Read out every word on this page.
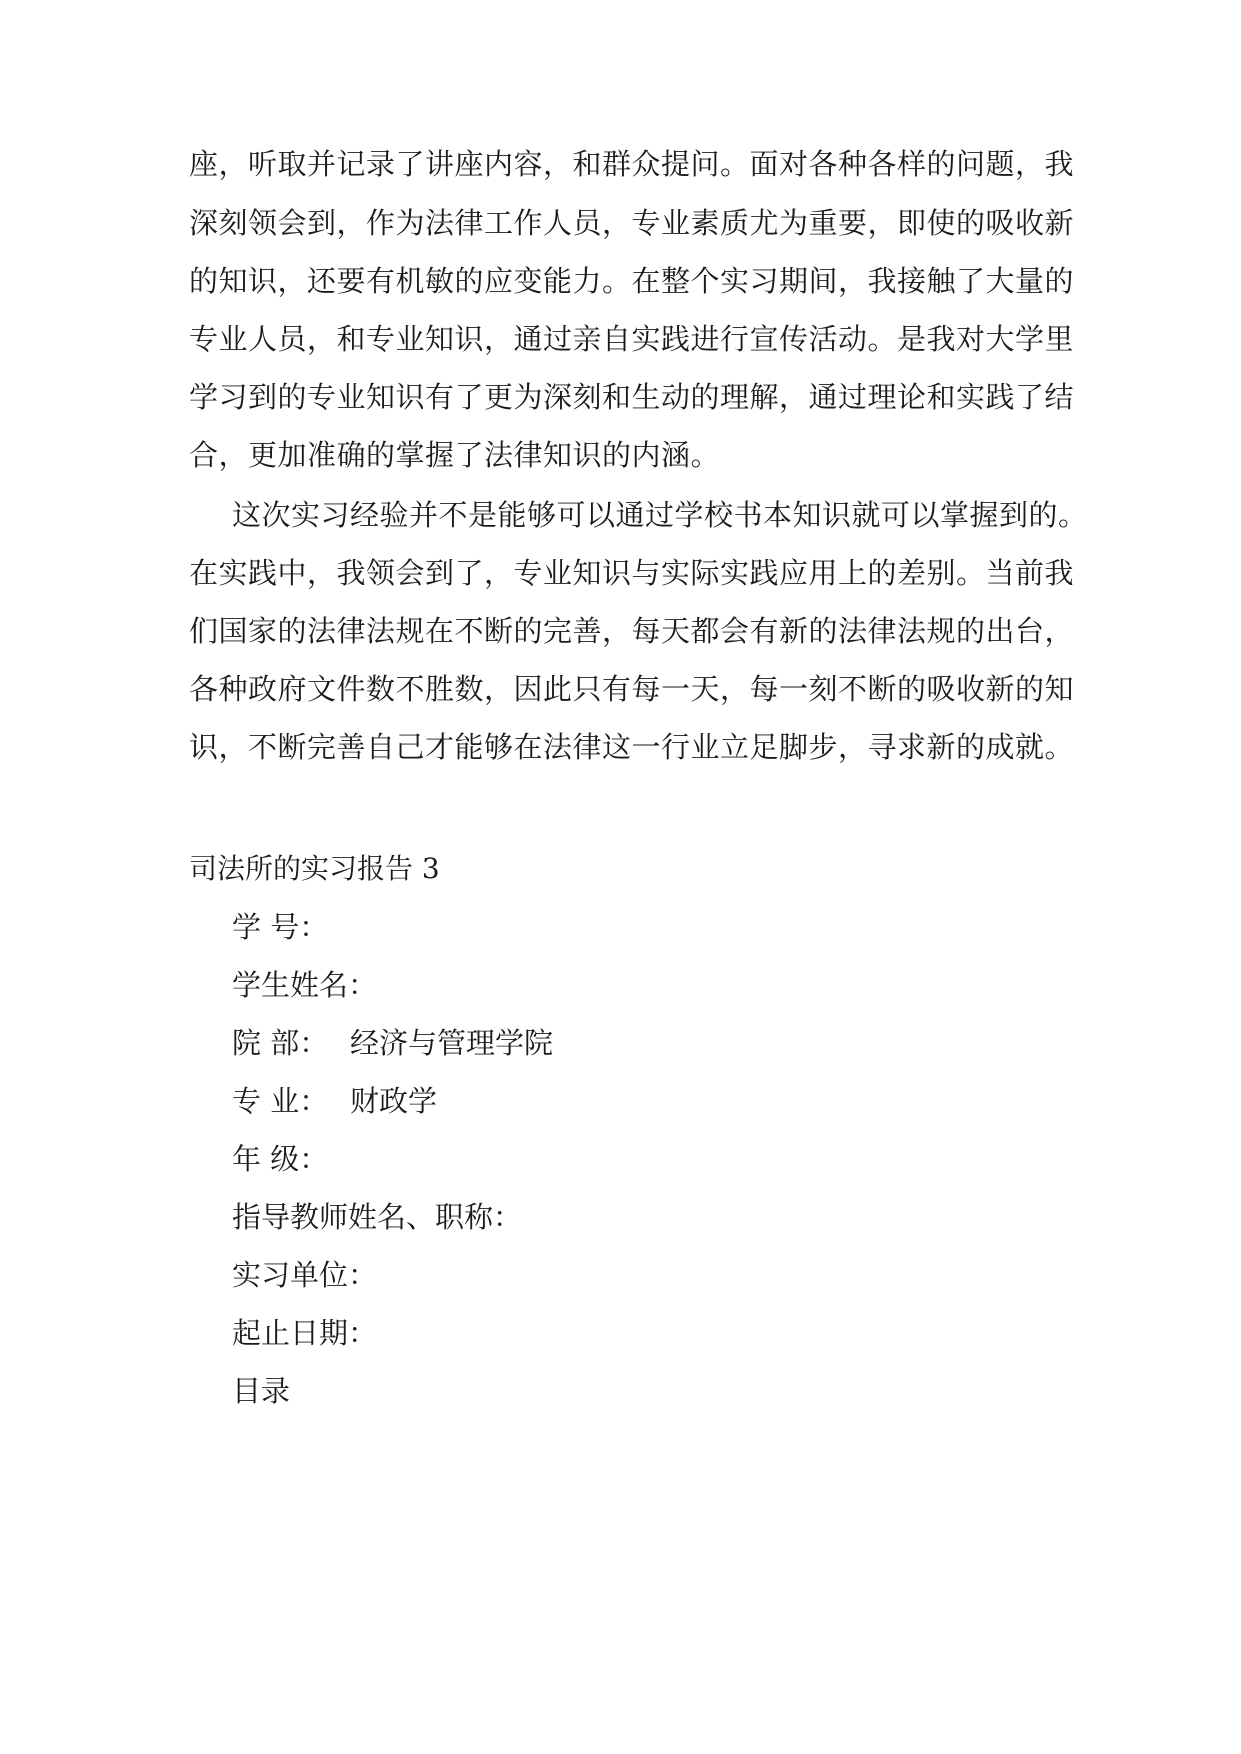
座，听取并记录了讲座内容，和群众提问。面对各种各样的问题，我
深刻领会到，作为法律工作人员，专业素质尤为重要，即使的吸收新
的知识，还要有机敏的应变能力。在整个实习期间，我接触了大量的
专业人员，和专业知识，通过亲自实践进行宣传活动。是我对大学里
学习到的专业知识有了更为深刻和生动的理解，通过理论和实践了结
合，更加准确的掌握了法律知识的内涵。
这次实习经验并不是能够可以通过学校书本知识就可以掌握到的。
在实践中，我领会到了，专业知识与实际实践应用上的差别。当前我
们国家的法律法规在不断的完善，每天都会有新的法律法规的出台，
各种政府文件数不胜数，因此只有每一天，每一刻不断的吸收新的知
识，不断完善自己才能够在法律这一行业立足脚步，寻求新的成就。
司法所的实习报告 3
学 号：
学生姓名：
院 部： 经济与管理学院
专 业： 财政学
年 级：
指导教师姓名、职称：
实习单位：
起止日期：
目录
